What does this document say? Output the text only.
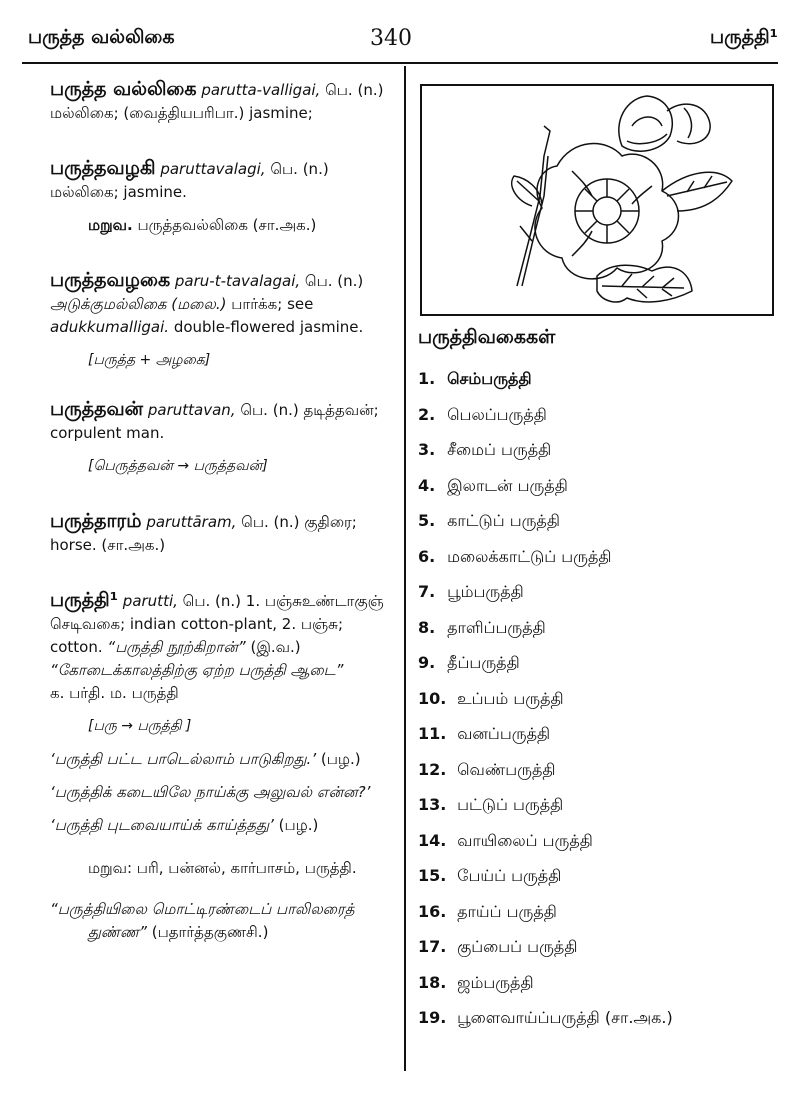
பருத்த வல்லிகை	340	பருத்தி¹
பருத்த வல்லிகை parutta-valligai, பெ. (n.)
மல்லிகை; (வைத்தியபரிபா.) jasmine;
பருத்தவழகி paruttavalagi, பெ. (n.)
மல்லிகை; jasmine.
மறுவ. பருத்தவல்லிகை (சா.அக.)
பருத்தவழகை paru-t-tavalagai, பெ. (n.)
அடுக்குமல்லிகை (மலை.) பார்க்க; see
adukkumalligai. double-flowered jasmine.
[பருத்த + அழகை]
பருத்தவன் paruttavan, பெ. (n.) தடித்தவன்;
corpulent man.
[பெருத்தவன் → பருத்தவன்]
பருத்தாரம் paruttāram, பெ. (n.) குதிரை;
horse. (சா.அக.)
பருத்தி¹ parutti, பெ. (n.) 1. பஞ்சுஉண்டாகுஞ்
செடிவகை; indian cotton-plant, 2. பஞ்சு;
cotton. “பருத்தி நூற்கிறான்” (இ.வ.)
“கோடைக்காலத்திற்கு ஏற்ற பருத்தி ஆடை”
க. பர்தி. ம. பருத்தி
[பரு → பருத்தி ]
‘பருத்தி பட்ட பாடெல்லாம் பாடுகிறது.’ (பழ.)
‘பருத்திக் கடையிலே நாய்க்கு அலுவல் என்ன?’
‘பருத்தி புடவையாய்க் காய்த்தது’ (பழ.)
மறுவ: பரி, பன்னல், கார்பாசம், பருத்தி.
“பருத்தியிலை மொட்டிரண்டைப் பாலிலரைத்
துண்ண” (பதார்த்தகுணசி.)
பருத்திவகைகள்
1. செம்பருத்தி
2. பெலப்பருத்தி
3. சீமைப் பருத்தி
4. இலாடன் பருத்தி
5. காட்டுப் பருத்தி
6. மலைக்காட்டுப் பருத்தி
7. பூம்பருத்தி
8. தாளிப்பருத்தி
9. தீப்பருத்தி
10. உப்பம் பருத்தி
11. வனப்பருத்தி
12. வெண்பருத்தி
13. பட்டுப் பருத்தி
14. வாயிலைப் பருத்தி
15. பேய்ப் பருத்தி
16. தாய்ப் பருத்தி
17. குப்பைப் பருத்தி
18. ஜம்பருத்தி
19. பூளைவாய்ப்பருத்தி (சா.அக.)
